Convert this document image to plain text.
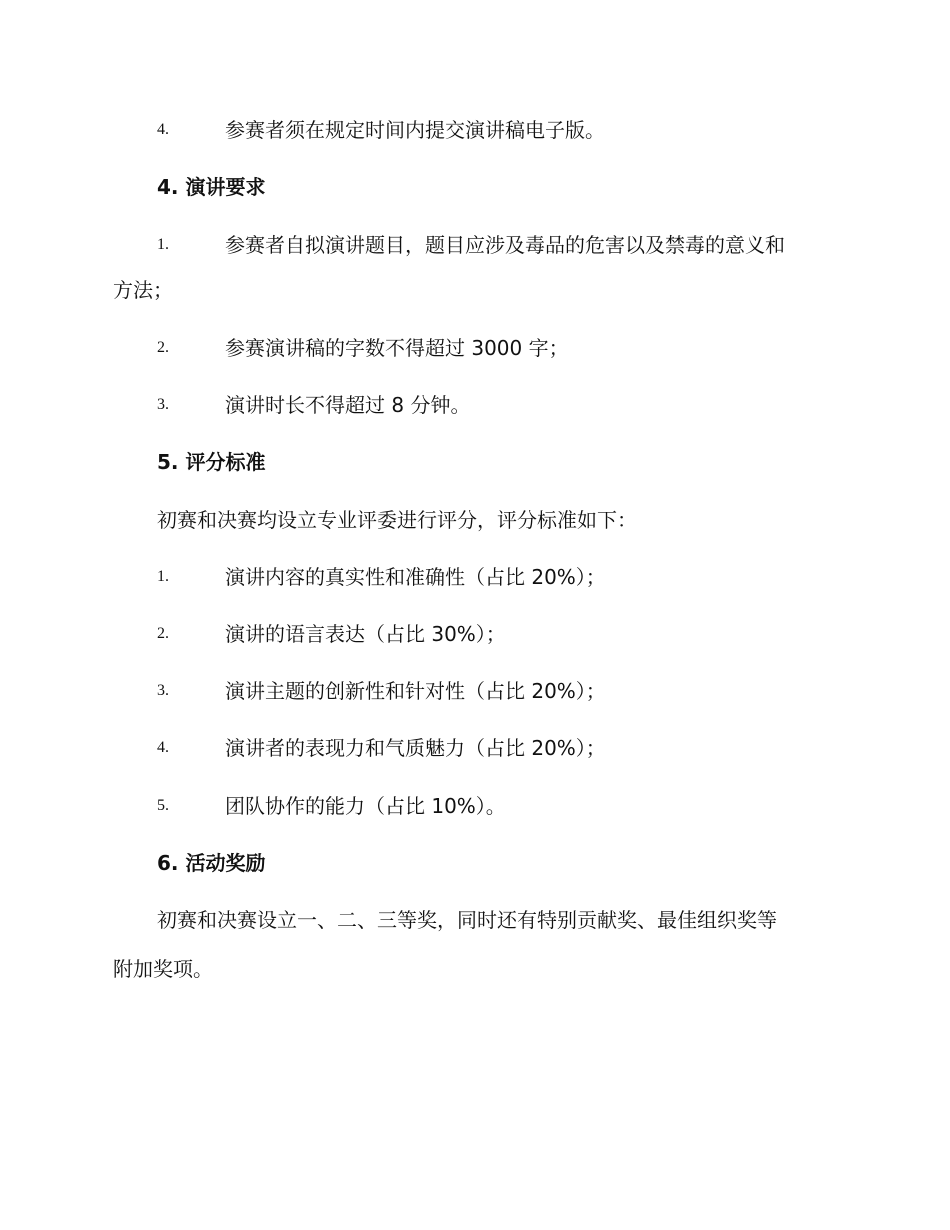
4.	参赛者须在规定时间内提交演讲稿电子版。
4. 演讲要求
1.	参赛者自拟演讲题目，题目应涉及毒品的危害以及禁毒的意义和
方法；
2.	参赛演讲稿的字数不得超过 3000 字；
3.	演讲时长不得超过 8 分钟。
5. 评分标准
初赛和决赛均设立专业评委进行评分，评分标准如下：
1.	演讲内容的真实性和准确性（占比 20%）；
2.	演讲的语言表达（占比 30%）；
3.	演讲主题的创新性和针对性（占比 20%）；
4.	演讲者的表现力和气质魅力（占比 20%）；
5.	团队协作的能力（占比 10%）。
6. 活动奖励
初赛和决赛设立一、二、三等奖，同时还有特别贡献奖、最佳组织奖等
附加奖项。
